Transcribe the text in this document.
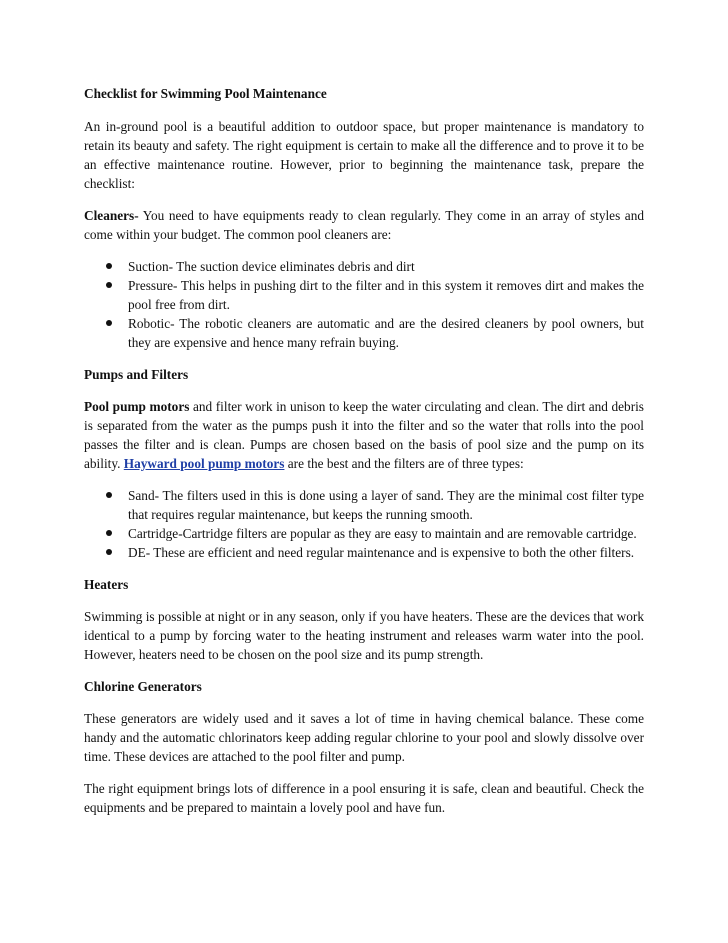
Checklist for Swimming Pool Maintenance

An in-ground pool is a beautiful addition to outdoor space, but proper maintenance is mandatory to retain its beauty and safety. The right equipment is certain to make all the difference and to prove it to be an effective maintenance routine. However, prior to beginning the maintenance task, prepare the checklist:

Cleaners- You need to have equipments ready to clean regularly. They come in an array of styles and come within your budget. The common pool cleaners are:

Suction- The suction device eliminates debris and dirt
Pressure- This helps in pushing dirt to the filter and in this system it removes dirt and makes the pool free from dirt.
Robotic- The robotic cleaners are automatic and are the desired cleaners by pool owners, but they are expensive and hence many refrain buying.

Pumps and Filters

Pool pump motors and filter work in unison to keep the water circulating and clean. The dirt and debris is separated from the water as the pumps push it into the filter and so the water that rolls into the pool passes the filter and is clean. Pumps are chosen based on the basis of pool size and the pump on its ability. Hayward pool pump motors are the best and the filters are of three types:

Sand- The filters used in this is done using a layer of sand. They are the minimal cost filter type that requires regular maintenance, but keeps the running smooth.
Cartridge-Cartridge filters are popular as they are easy to maintain and are removable cartridge.
DE- These are efficient and need regular maintenance and is expensive to both the other filters.

Heaters

Swimming is possible at night or in any season, only if you have heaters. These are the devices that work identical to a pump by forcing water to the heating instrument and releases warm water into the pool. However, heaters need to be chosen on the pool size and its pump strength.

Chlorine Generators

These generators are widely used and it saves a lot of time in having chemical balance. These come handy and the automatic chlorinators keep adding regular chlorine to your pool and slowly dissolve over time. These devices are attached to the pool filter and pump.

The right equipment brings lots of difference in a pool ensuring it is safe, clean and beautiful. Check the equipments and be prepared to maintain a lovely pool and have fun.
